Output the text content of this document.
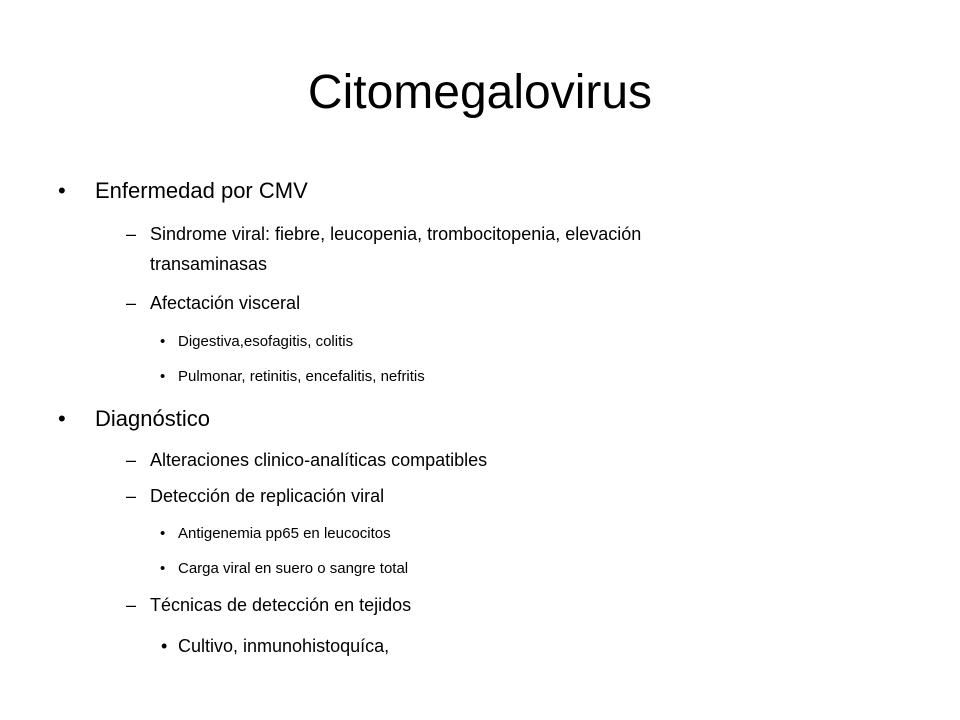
Citomegalovirus
• Enfermedad por CMV
– Sindrome viral: fiebre, leucopenia, trombocitopenia, elevación
transaminasas
– Afectación visceral
• Digestiva,esofagitis, colitis
• Pulmonar, retinitis, encefalitis, nefritis
• Diagnóstico
– Alteraciones clinico-analíticas compatibles
– Detección de replicación viral
• Antigenemia pp65 en leucocitos
• Carga viral en suero o sangre total
– Técnicas de detección en tejidos
• Cultivo, inmunohistoquíca,
